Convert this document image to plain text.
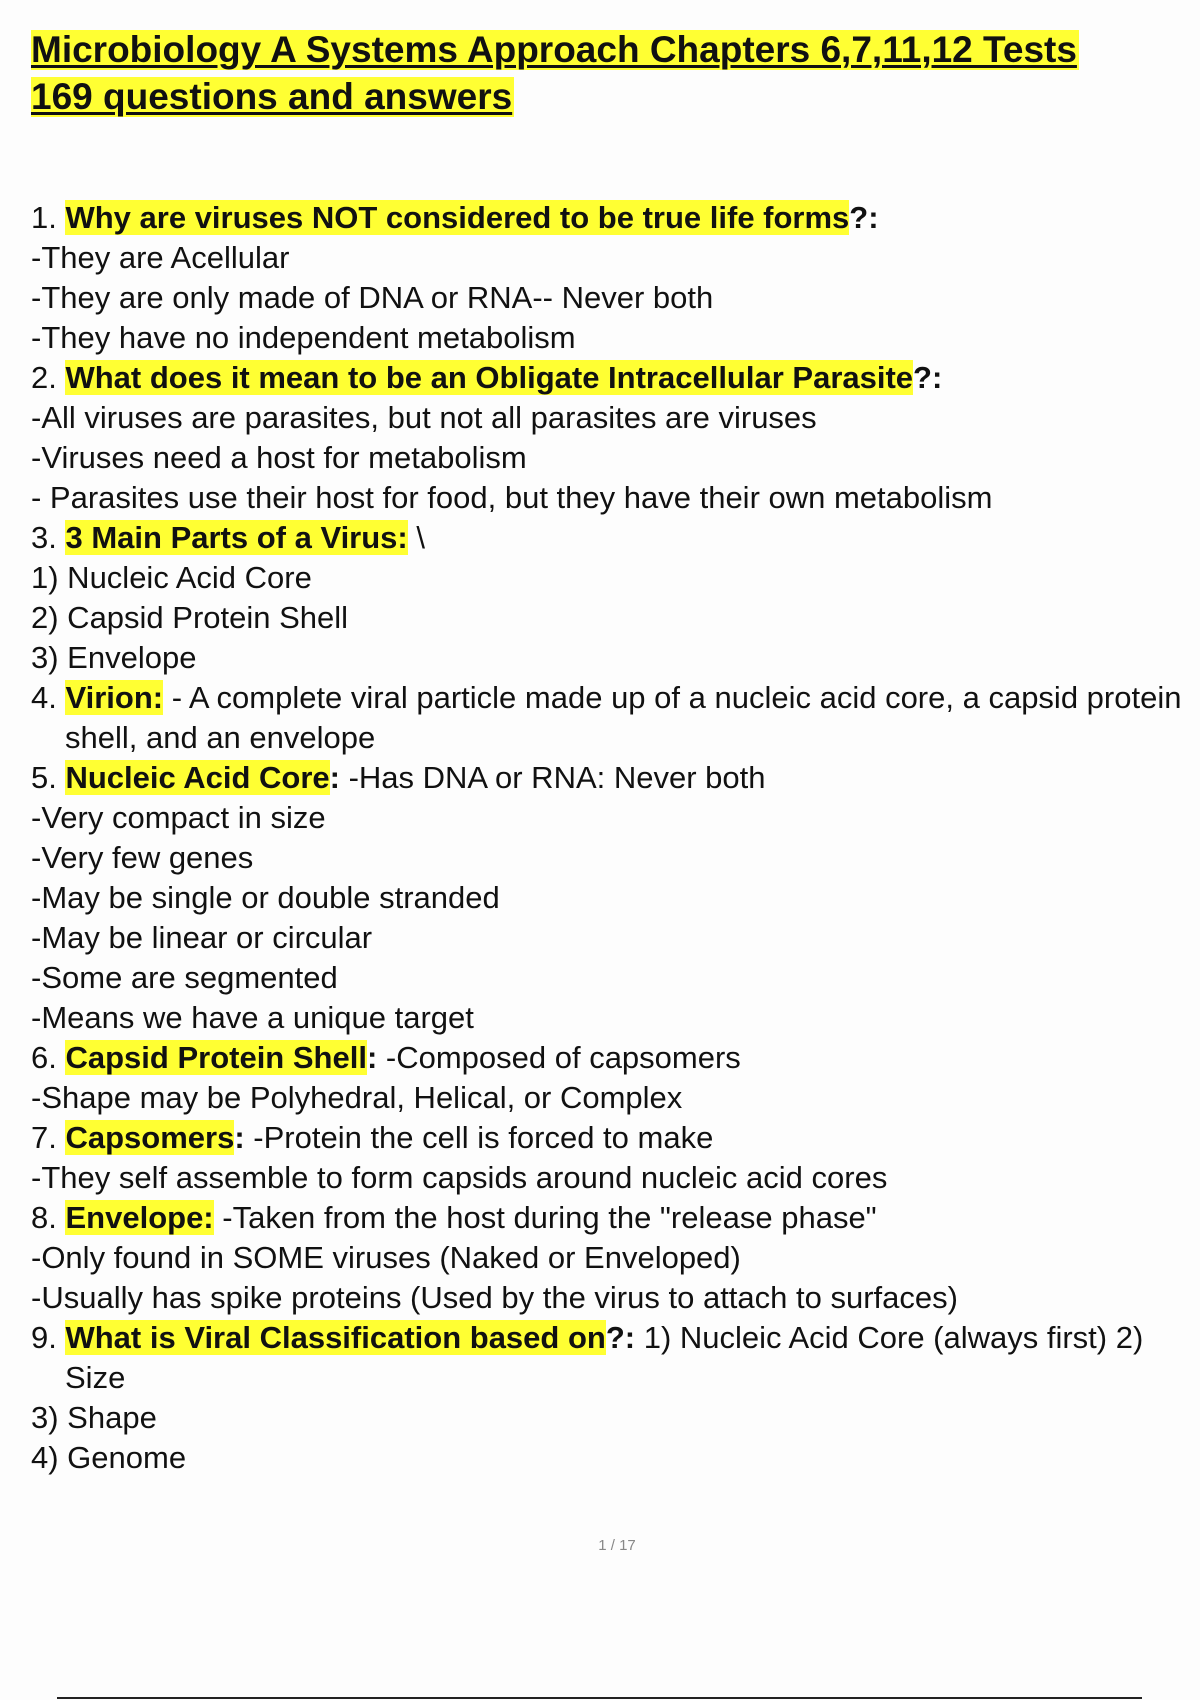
Microbiology A Systems Approach Chapters 6,7,11,12 Tests
169 questions and answers
1. Why are viruses NOT considered to be true life forms?:
-They are Acellular
-They are only made of DNA or RNA-- Never both
-They have no independent metabolism
2. What does it mean to be an Obligate Intracellular Parasite?:
-All viruses are parasites, but not all parasites are viruses
-Viruses need a host for metabolism
- Parasites use their host for food, but they have their own metabolism
3. 3 Main Parts of a Virus: \
1) Nucleic Acid Core
2) Capsid Protein Shell
3) Envelope
4. Virion: - A complete viral particle made up of a nucleic acid core, a capsid protein
shell, and an envelope
5. Nucleic Acid Core: -Has DNA or RNA: Never both
-Very compact in size
-Very few genes
-May be single or double stranded
-May be linear or circular
-Some are segmented
-Means we have a unique target
6. Capsid Protein Shell: -Composed of capsomers
-Shape may be Polyhedral, Helical, or Complex
7. Capsomers: -Protein the cell is forced to make
-They self assemble to form capsids around nucleic acid cores
8. Envelope: -Taken from the host during the "release phase"
-Only found in SOME viruses (Naked or Enveloped)
-Usually has spike proteins (Used by the virus to attach to surfaces)
9. What is Viral Classification based on?: 1) Nucleic Acid Core (always first) 2)
Size
3) Shape
4) Genome
1 / 17
